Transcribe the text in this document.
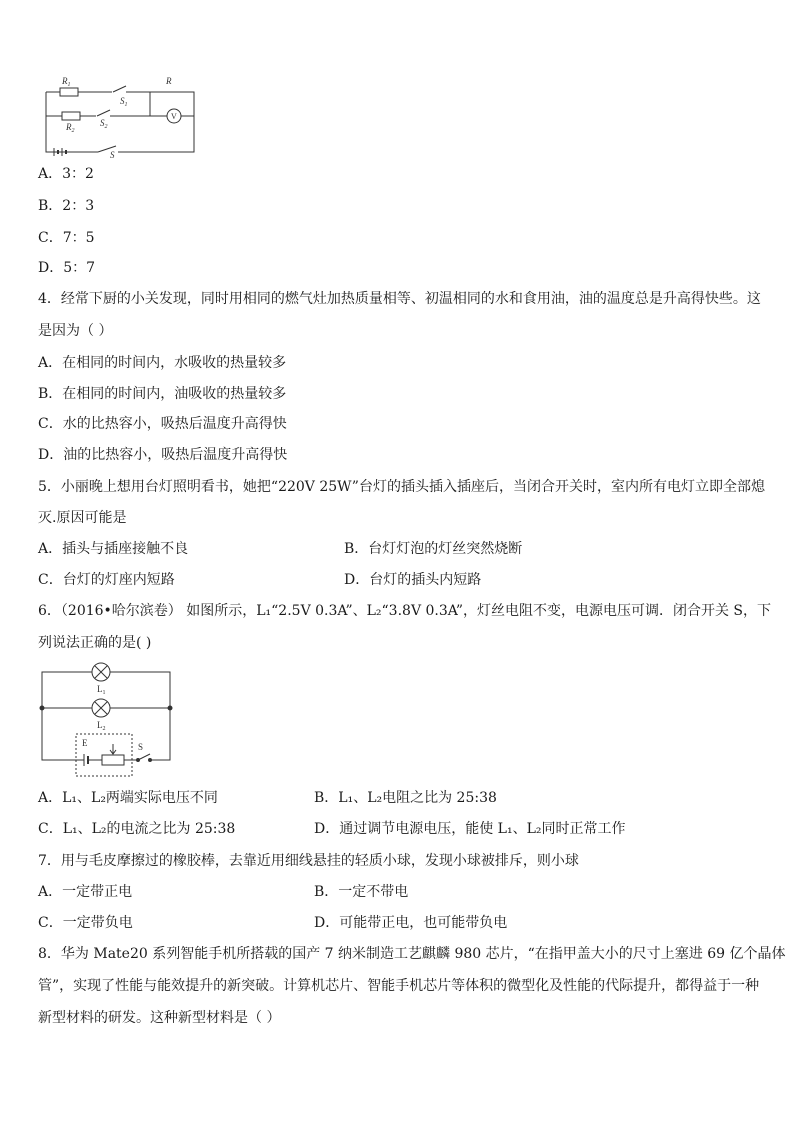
$R_1$	R
$S_1$
$R_2$
$S_2$
S
V
A．3：2
B．2：3
C．7：5
D．5：7
4．经常下厨的小关发现，同时用相同的燃气灶加热质量相等、初温相同的水和食用油，油的温度总是升高得快些。这
是因为（ ）
A．在相同的时间内，水吸收的热量较多
B．在相同的时间内，油吸收的热量较多
C．水的比热容小，吸热后温度升高得快
D．油的比热容小，吸热后温度升高得快
5．小丽晚上想用台灯照明看书，她把“220V 25W”台灯的插头插入插座后，当闭合开关时，室内所有电灯立即全部熄
灭.原因可能是
A．插头与插座接触不良	B．台灯灯泡的灯丝突然烧断
C．台灯的灯座内短路	D．台灯的插头内短路
6．（2016•哈尔滨卷） 如图所示，L₁“2.5V 0.3A”、L₂“3.8V 0.3A”，灯丝电阻不变，电源电压可调．闭合开关 S，下
列说法正确的是( )
$L_1$
$L_2$
E	S
A．L₁、L₂两端实际电压不同	B．L₁、L₂电阻之比为 25:38
C．L₁、L₂的电流之比为 25:38	D．通过调节电源电压，能使 L₁、L₂同时正常工作
7．用与毛皮摩擦过的橡胶棒，去靠近用细线悬挂的轻质小球，发现小球被排斥，则小球
A．一定带正电	B．一定不带电
C．一定带负电	D．可能带正电，也可能带负电
8．华为 Mate20 系列智能手机所搭载的国产 7 纳米制造工艺麒麟 980 芯片，“在指甲盖大小的尺寸上塞进 69 亿个晶体
管”，实现了性能与能效提升的新突破。计算机芯片、智能手机芯片等体积的微型化及性能的代际提升，都得益于一种
新型材料的研发。这种新型材料是（ ）
